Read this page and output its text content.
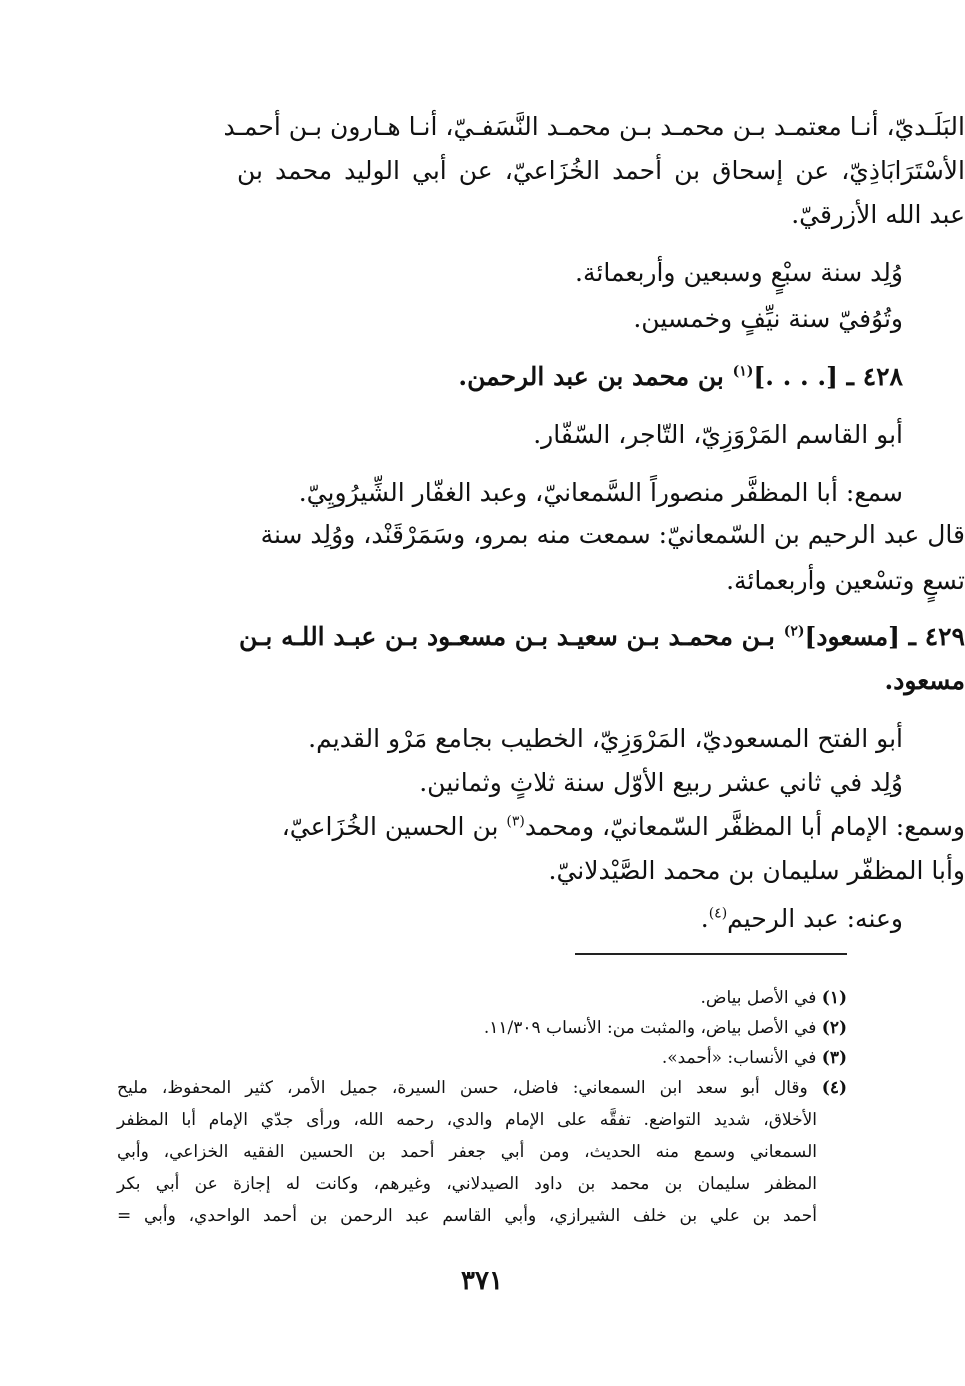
البَلَـديّ، أنـا معتمـد بـن محمـد بـن محمـد النَّسَفـيّ، أنـا هـارون بـن أحمـد
الأسْتَرَابَاذِيّ، عن إسحاق بن أحمد الخُزَاعيّ، عن أبي الوليد محمد بن
عبد الله الأزرقيّ.
وُلِد سنة سبْعٍ وسبعين وأربعمائة.
وتُوُفيّ سنة نيِّفٍ وخمسين.
٤٢٨ ـ [. . . .]$^{(١)}$ بن محمد بن عبد الرحمن.
أبو القاسم المَرْوَزِيّ، التّاجر، السّفّار.
سمع: أبا المظفَّر منصوراً السَّمعانيّ، وعبد الغفّار الشِّيرُويِيّ.
قال عبد الرحيم بن السّمعانيّ: سمعت منه بمرو، وسَمَرْقَنْد، ووُلِد سنة
تسعٍ وتسْعين وأربعمائة.
٤٢٩ ـ [مسعود]$^{(٢)}$ بـن محمـد بـن سعيـد بـن مسعـود بـن عبـد اللـه بـن
مسعود.
أبو الفتح المسعوديّ، المَرْوَزِيّ، الخطيب بجامع مَرْو القديم.
وُلِد في ثاني عشر ربيع الأوّل سنة ثلاثٍ وثمانين.
وسمع: الإمام أبا المظفَّر السّمعانيّ، ومحمد$^{(٣)}$ بن الحسين الخُزَاعيّ،
وأبا المظفّر سليمان بن محمد الصَّيْدلانيّ.
وعنه: عبد الرحيم$^{(٤)}$.
(١) في الأصل بياض.
(٢) في الأصل بياض، والمثبت من: الأنساب ١١/٣٠٩.
(٣) في الأنساب: «أحمد».
(٤) وقال أبو سعد ابن السمعاني: فاضل، حسن السيرة، جميل الأمر، كثير المحفوظ، مليح
الأخلاق، شديد التواضع. تفقَّه على الإمام والدي، رحمه الله، ورأى جدّي الإمام أبا المظفر
السمعاني وسمع منه الحديث، ومن أبي جعفر أحمد بن الحسين الفقيه الخزاعي، وأبي
المظفر سليمان بن محمد بن داود الصيدلاني، وغيرهم، وكانت له إجازة عن أبي بكر
أحمد بن علي بن خلف الشيرازي، وأبي القاسم عبد الرحمن بن أحمد الواحدي، وأبي =
٣٧١
